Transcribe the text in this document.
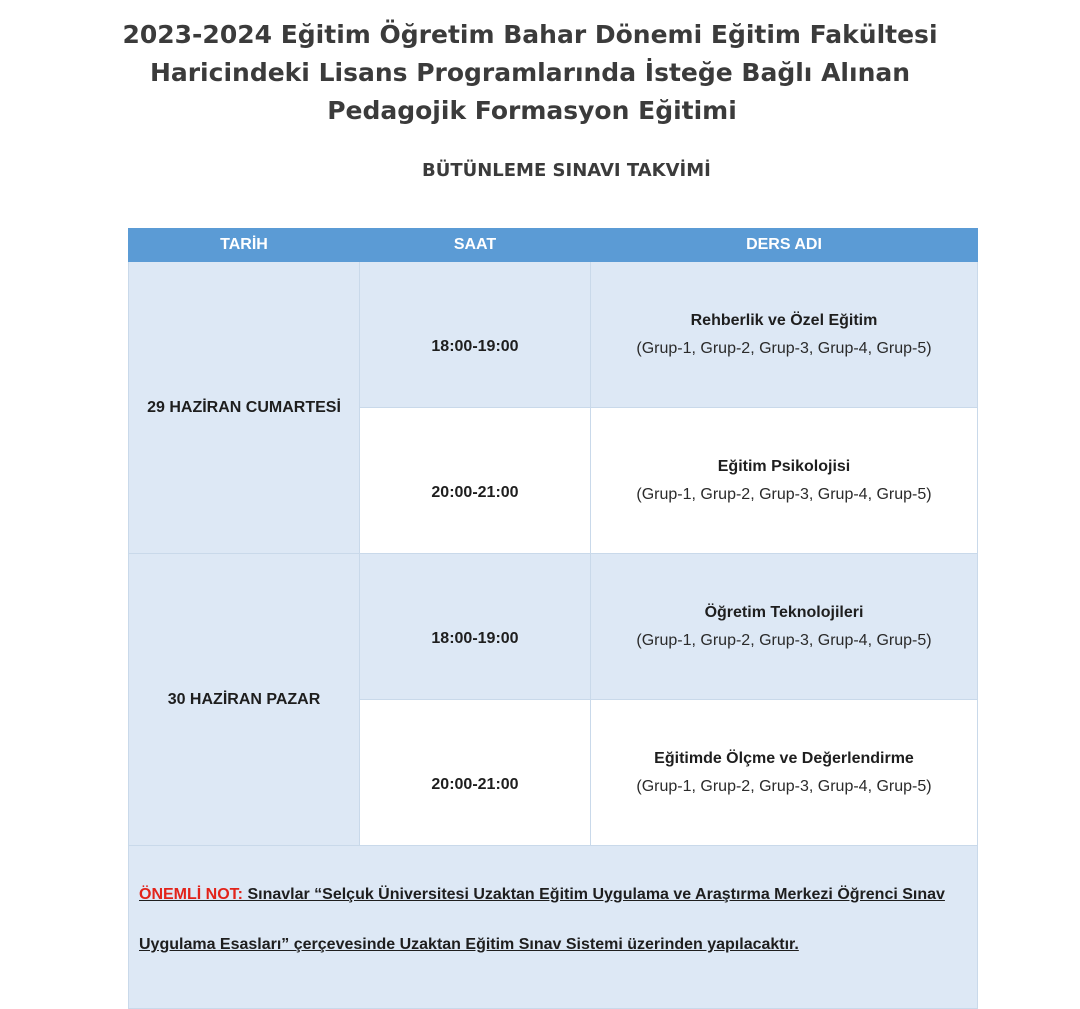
2023-2024 Eğitim Öğretim Bahar Dönemi Eğitim Fakültesi
Haricindeki Lisans Programlarında İsteğe Bağlı Alınan
Pedagojik Formasyon Eğitimi
BÜTÜNLEME SINAVI TAKVİMİ
TARİH	SAAT	DERS ADI
29 HAZİRAN CUMARTESİ	18:00-19:00	Rehberlik ve Özel Eğitim
(Grup-1, Grup-2, Grup-3, Grup-4, Grup-5)

	20:00-21:00	Eğitim Psikolojisi
(Grup-1, Grup-2, Grup-3, Grup-4, Grup-5)

30 HAZİRAN PAZAR	18:00-19:00	Öğretim Teknolojileri
(Grup-1, Grup-2, Grup-3, Grup-4, Grup-5)

	20:00-21:00	Eğitimde Ölçme ve Değerlendirme
(Grup-1, Grup-2, Grup-3, Grup-4, Grup-5)

ÖNEMLİ NOT: Sınavlar “Selçuk Üniversitesi Uzaktan Eğitim Uygulama ve Araştırma Merkezi Öğrenci Sınav Uygulama Esasları” çerçevesinde Uzaktan Eğitim Sınav Sistemi üzerinden yapılacaktır.		
